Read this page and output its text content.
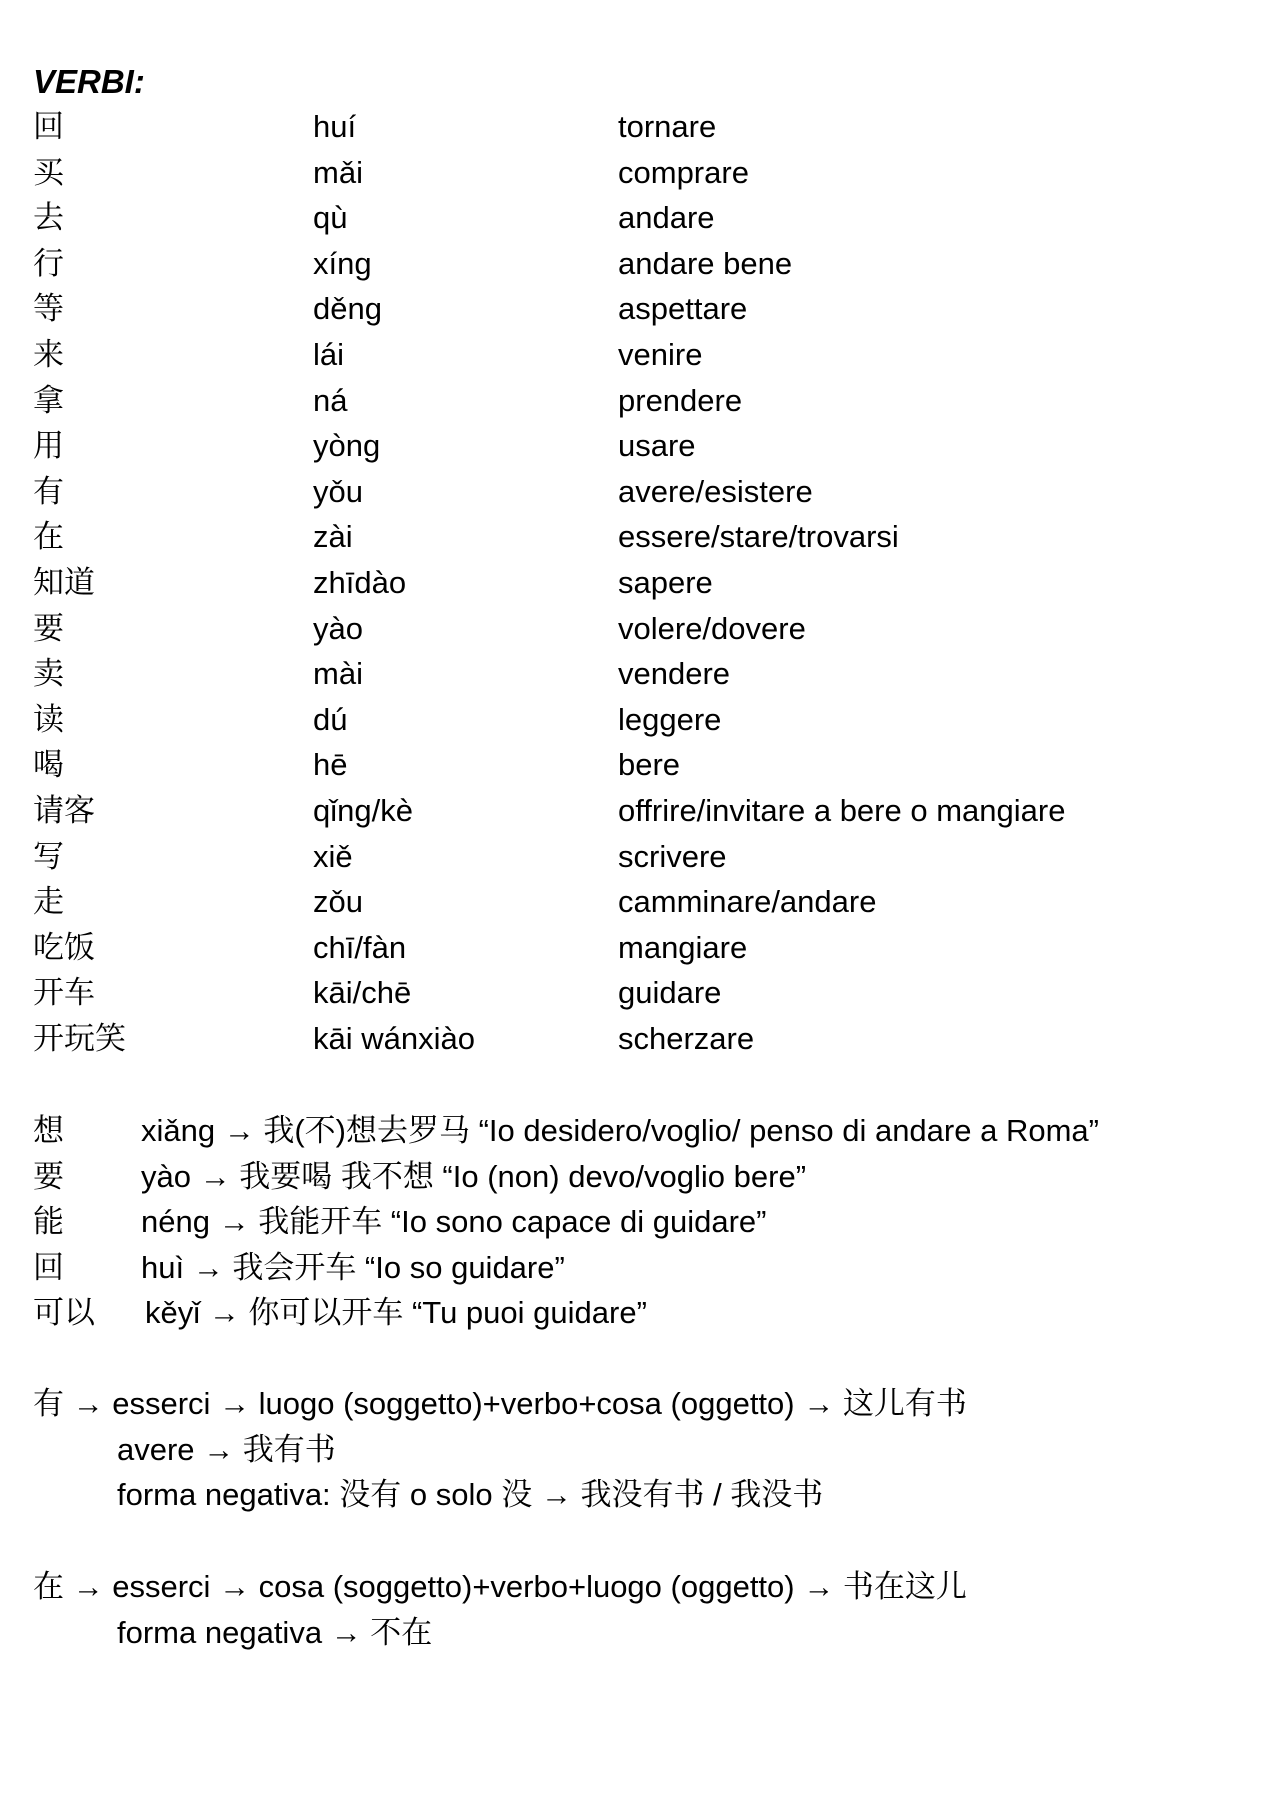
VERBI:
回	huí	tornare
买	mǎi	comprare
去	qù	andare
行	xíng	andare bene
等	děng	aspettare
来	lái	venire
拿	ná	prendere
用	yòng	usare
有	yǒu	avere/esistere
在	zài	essere/stare/trovarsi
知道	zhīdào	sapere
要	yào	volere/dovere
卖	mài	vendere
读	dú	leggere
喝	hē	bere
请客	qǐng/kè	offrire/invitare a bere o mangiare
写	xiě	scrivere
走	zǒu	camminare/andare
吃饭	chī/fàn	mangiare
开车	kāi/chē	guidare
开玩笑	kāi wánxiào	scherzare
想 xiǎng → 我(不)想去罗马 “Io desidero/voglio/ penso di andare a Roma”
要 yào → 我要喝 我不想 “Io (non) devo/voglio bere”
能 néng → 我能开车 “Io sono capace di guidare”
回 huì → 我会开车 “Io so guidare”
可以 kěyǐ → 你可以开车 “Tu puoi guidare”
有 → esserci → luogo (soggetto)+verbo+cosa (oggetto) → 这儿有书
avere → 我有书
forma negativa: 没有 o solo 没 → 我没有书 / 我没书
在 → esserci → cosa (soggetto)+verbo+luogo (oggetto) → 书在这儿
forma negativa → 不在
